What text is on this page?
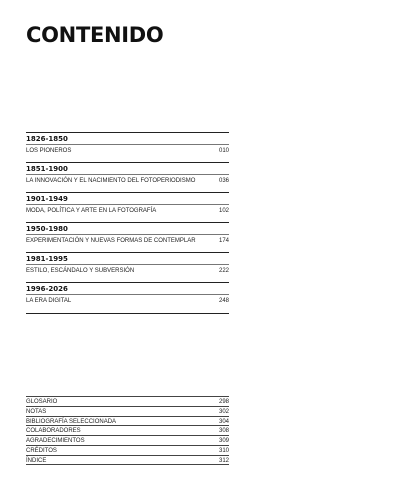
CONTENIDO
1826-1850
LOS PIONEROS	010
1851-1900
LA INNOVACIÓN Y EL NACIMIENTO DEL FOTOPERIODISMO	036
1901-1949
MODA, POLÍTICA Y ARTE EN LA FOTOGRAFÍA	102
1950-1980
EXPERIMENTACIÓN Y NUEVAS FORMAS DE CONTEMPLAR	174
1981-1995
ESTILO, ESCÁNDALO Y SUBVERSIÓN	222
1996-2026
LA ERA DIGITAL	248
GLOSARIO	298
NOTAS	302
BIBLIOGRAFÍA SELECCIONADA	304
COLABORADORES	308
AGRADECIMIENTOS	309
CRÉDITOS	310
ÍNDICE	312
